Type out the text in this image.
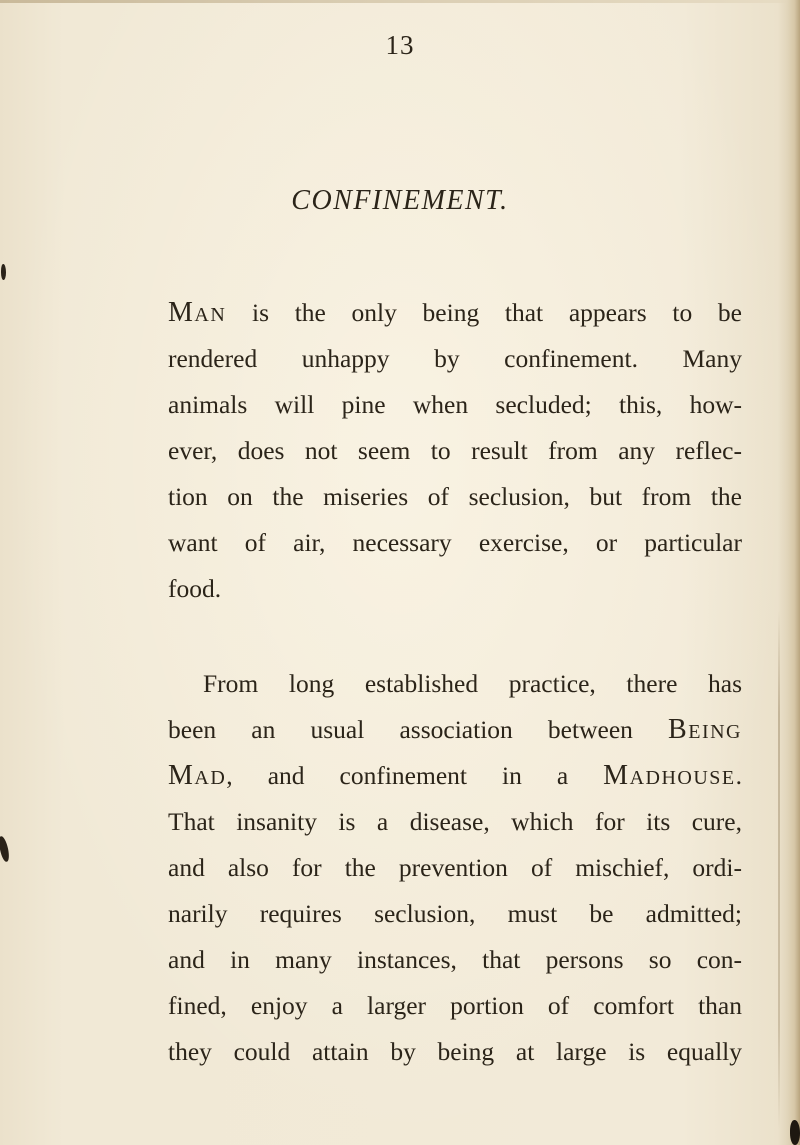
13
CONFINEMENT.

Man is the only being that appears to be
rendered unhappy by confinement. Many
animals will pine when secluded; this, how-
ever, does not seem to result from any reflec-
tion on the miseries of seclusion, but from the
want of air, necessary exercise, or particular
food.

From long established practice, there has
been an usual association between Being
Mad, and confinement in a Madhouse.
That insanity is a disease, which for its cure,
and also for the prevention of mischief, ordi-
narily requires seclusion, must be admitted;
and in many instances, that persons so con-
fined, enjoy a larger portion of comfort than
they could attain by being at large is equally
